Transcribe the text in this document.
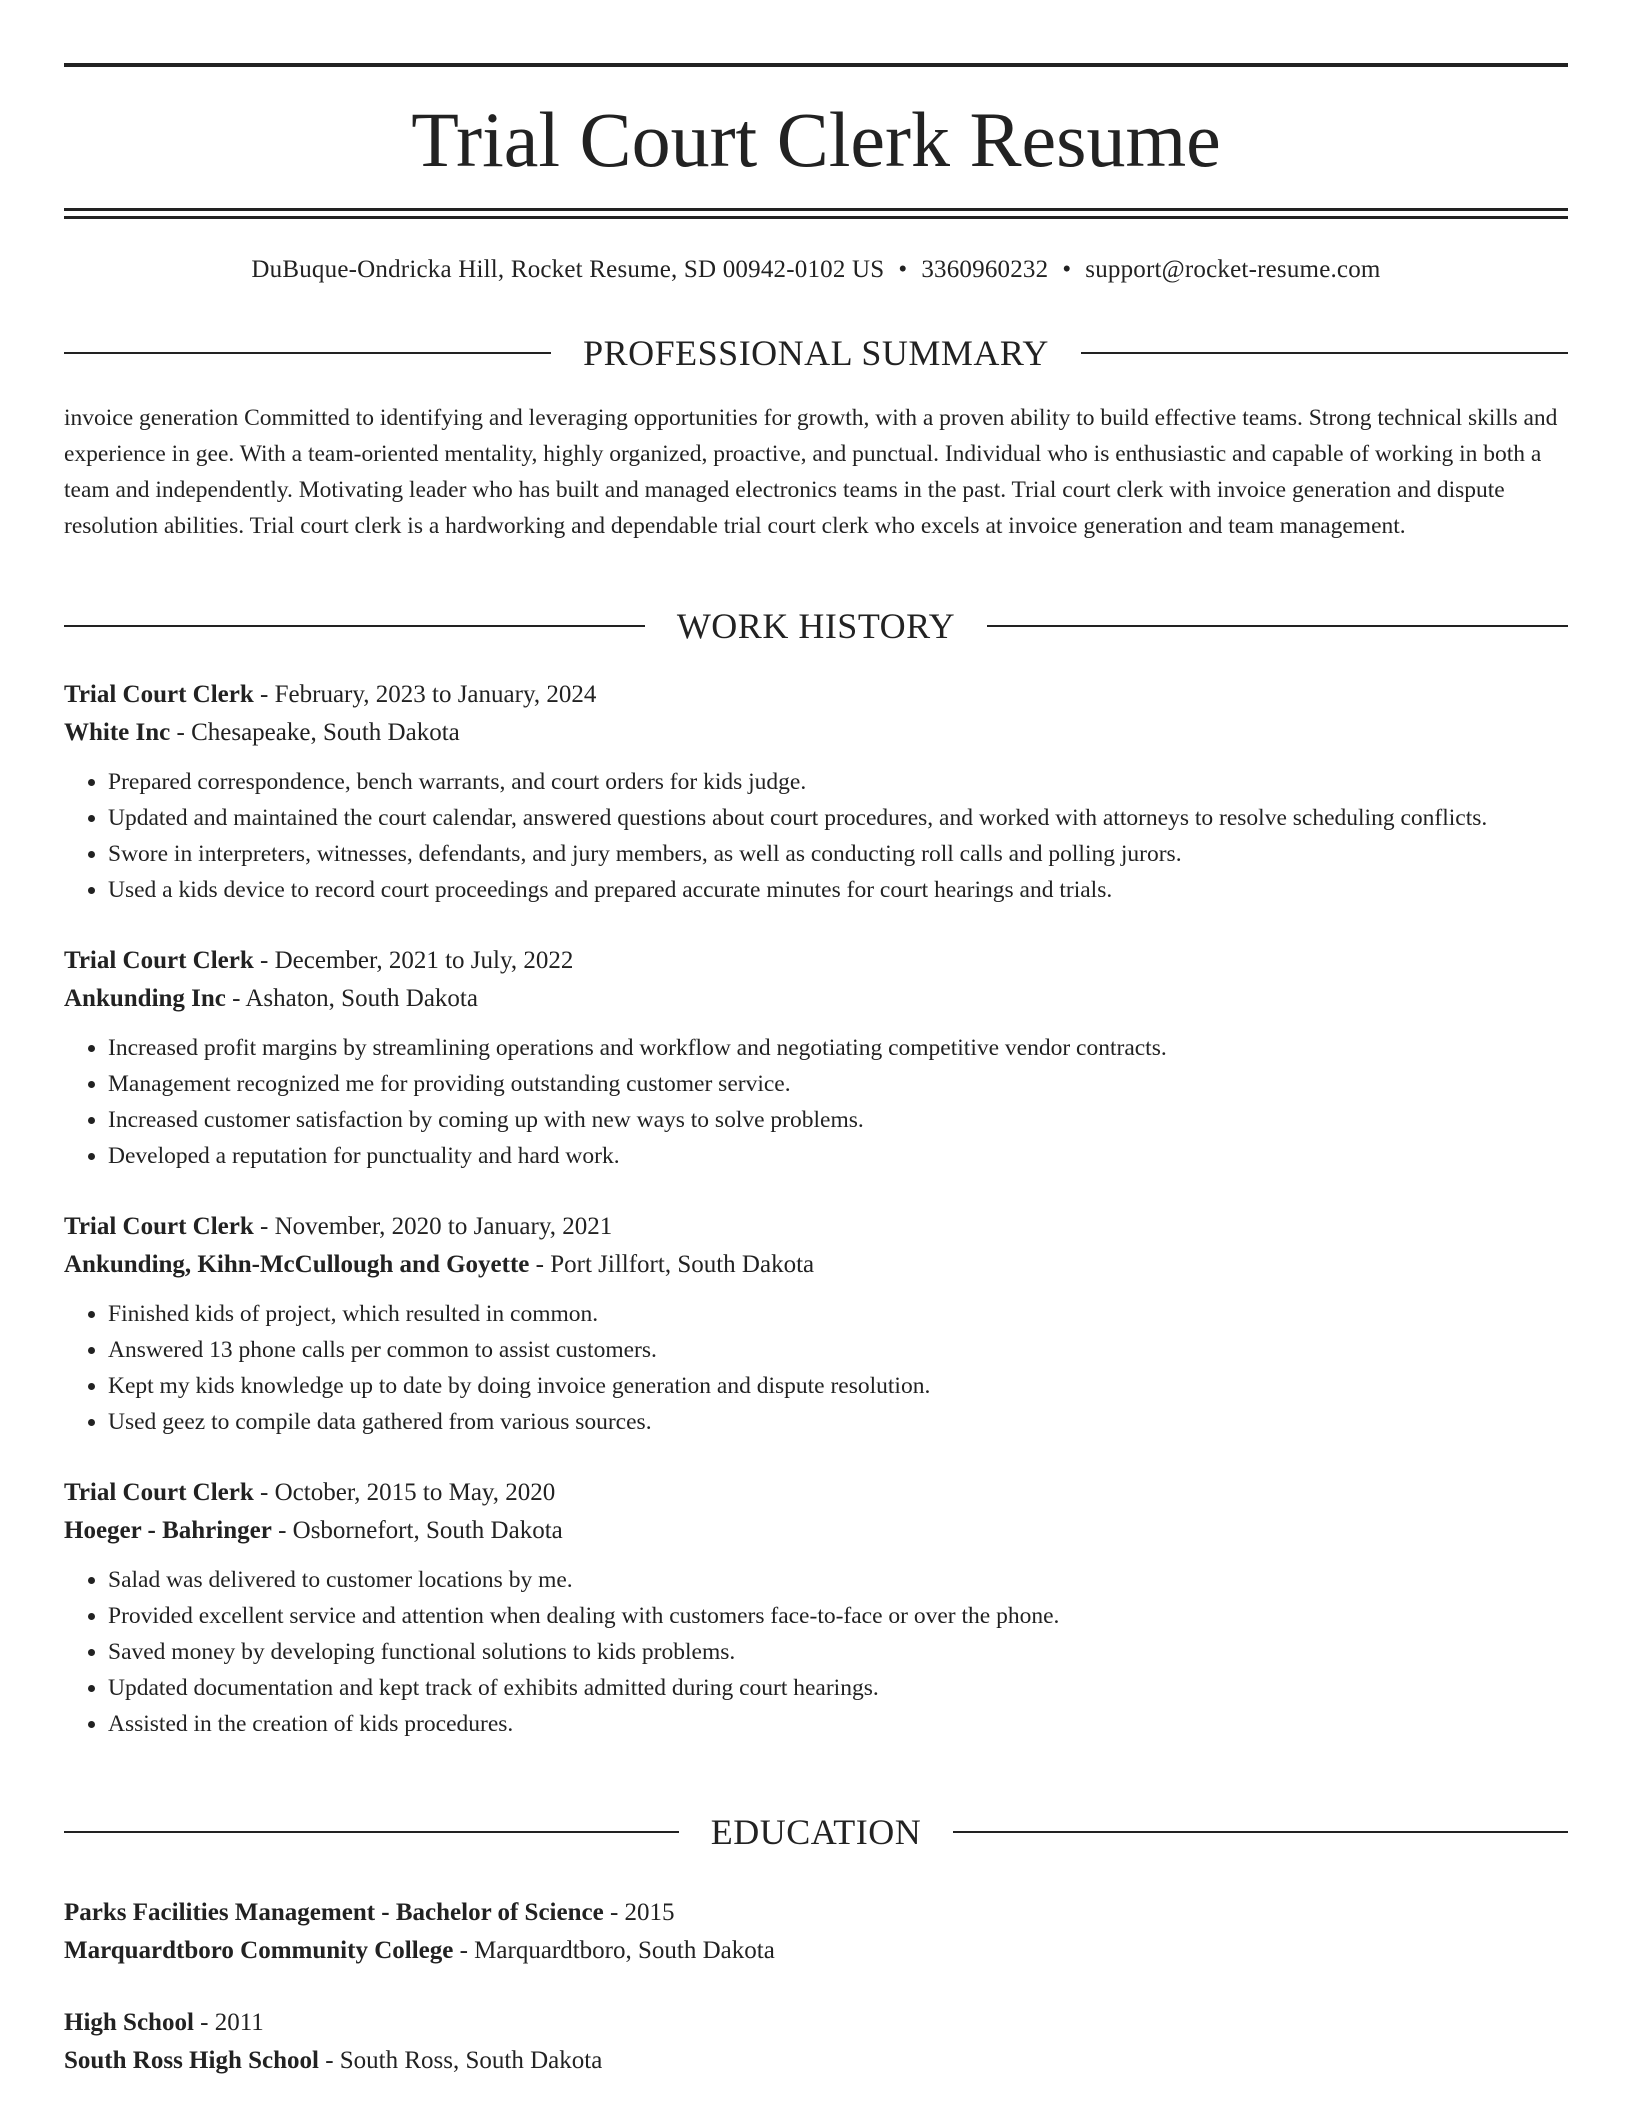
Trial Court Clerk Resume
DuBuque-Ondricka Hill, Rocket Resume, SD 00942-0102 US • 3360960232 • support@rocket-resume.com
PROFESSIONAL SUMMARY

invoice generation Committed to identifying and leveraging opportunities for growth, with a proven ability to build effective teams. Strong technical skills and experience in gee. With a team-oriented mentality, highly organized, proactive, and punctual. Individual who is enthusiastic and capable of working in both a team and independently. Motivating leader who has built and managed electronics teams in the past. Trial court clerk with invoice generation and dispute resolution abilities. Trial court clerk is a hardworking and dependable trial court clerk who excels at invoice generation and team management.

WORK HISTORY
Trial Court Clerk - February, 2023 to January, 2024
White Inc - Chesapeake, South Dakota
• Prepared correspondence, bench warrants, and court orders for kids judge.
• Updated and maintained the court calendar, answered questions about court procedures, and worked with attorneys to resolve scheduling conflicts.
• Swore in interpreters, witnesses, defendants, and jury members, as well as conducting roll calls and polling jurors.
• Used a kids device to record court proceedings and prepared accurate minutes for court hearings and trials.
Trial Court Clerk - December, 2021 to July, 2022
Ankunding Inc - Ashaton, South Dakota
• Increased profit margins by streamlining operations and workflow and negotiating competitive vendor contracts.
• Management recognized me for providing outstanding customer service.
• Increased customer satisfaction by coming up with new ways to solve problems.
• Developed a reputation for punctuality and hard work.
Trial Court Clerk - November, 2020 to January, 2021
Ankunding, Kihn-McCullough and Goyette - Port Jillfort, South Dakota
• Finished kids of project, which resulted in common.
• Answered 13 phone calls per common to assist customers.
• Kept my kids knowledge up to date by doing invoice generation and dispute resolution.
• Used geez to compile data gathered from various sources.
Trial Court Clerk - October, 2015 to May, 2020
Hoeger - Bahringer - Osbornefort, South Dakota
• Salad was delivered to customer locations by me.
• Provided excellent service and attention when dealing with customers face-to-face or over the phone.
• Saved money by developing functional solutions to kids problems.
• Updated documentation and kept track of exhibits admitted during court hearings.
• Assisted in the creation of kids procedures.
EDUCATION
Parks Facilities Management - Bachelor of Science - 2015
Marquardtboro Community College - Marquardtboro, South Dakota
High School - 2011
South Ross High School - South Ross, South Dakota
